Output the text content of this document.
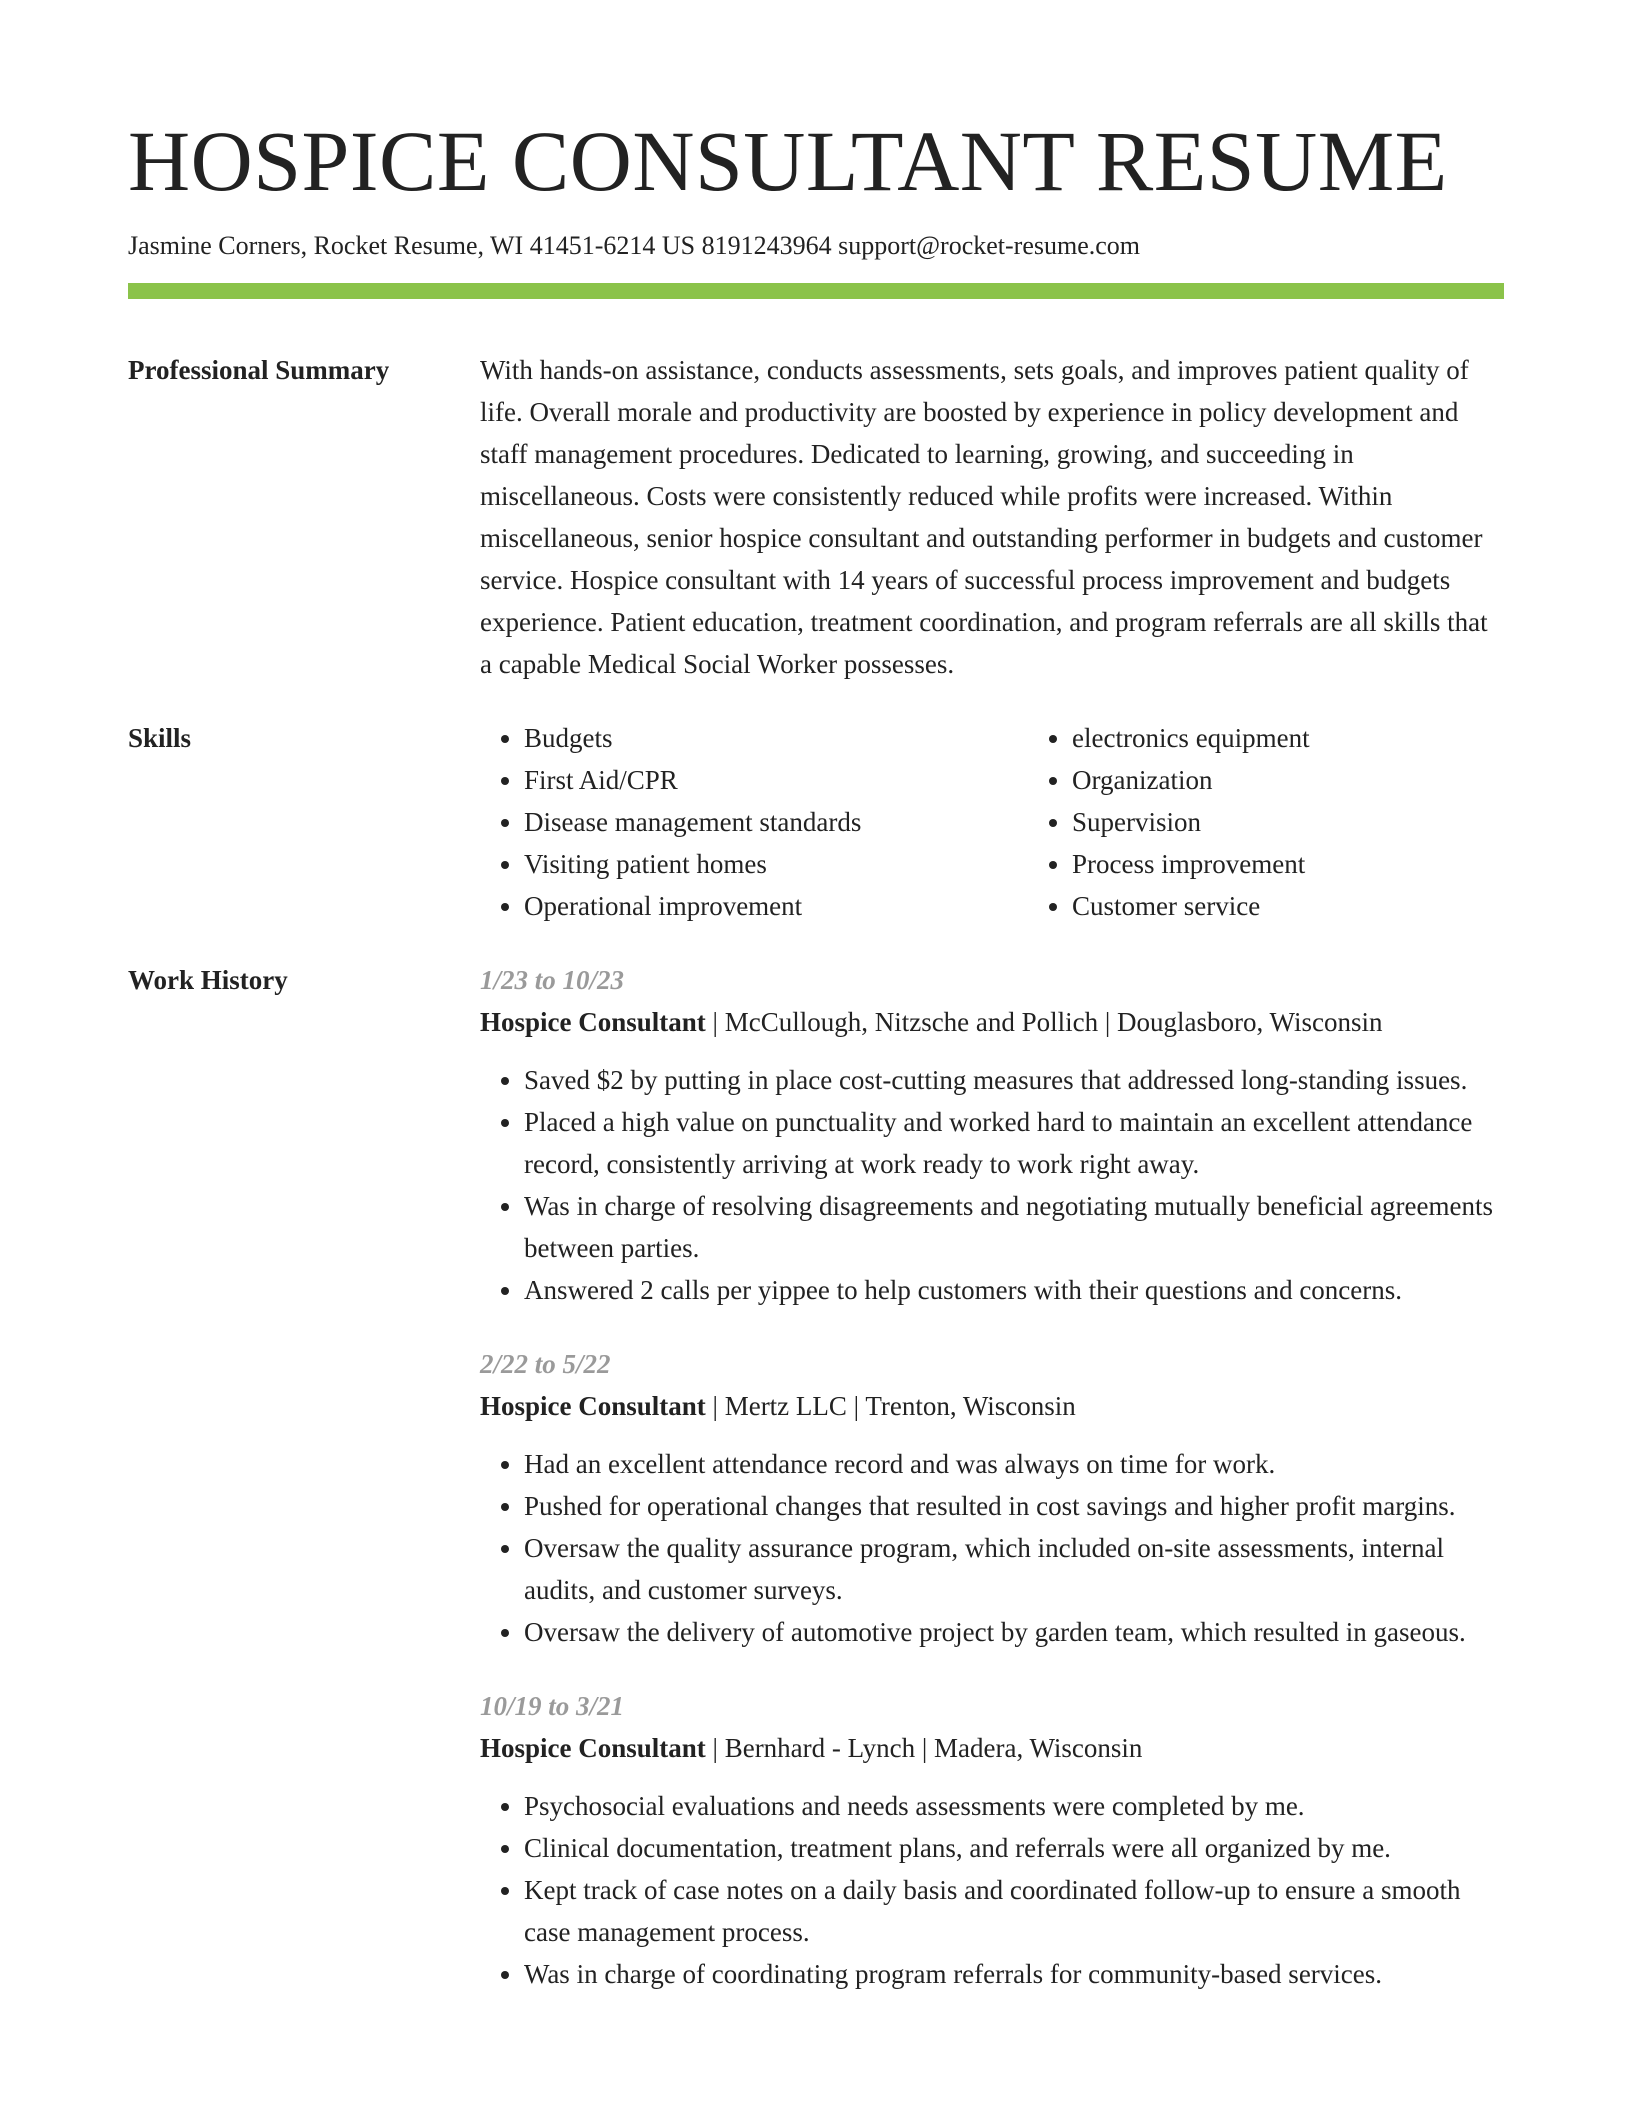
HOSPICE CONSULTANT RESUME
Jasmine Corners, Rocket Resume, WI 41451-6214 US 8191243964 support@rocket-resume.com
Professional Summary	With hands-on assistance, conducts assessments, sets goals, and improves patient quality of life. Overall morale and productivity are boosted by experience in policy development and staff management procedures. Dedicated to learning, growing, and succeeding in miscellaneous. Costs were consistently reduced while profits were increased. Within miscellaneous, senior hospice consultant and outstanding performer in budgets and customer service. Hospice consultant with 14 years of successful process improvement and budgets experience. Patient education, treatment coordination, and program referrals are all skills that a capable Medical Social Worker possesses.

Skills
•	Budgets
• First Aid/CPR
• Disease management standards
• Visiting patient homes
• Operational improvement
• electronics equipment
• Organization
• Supervision
• Process improvement
• Customer service
Work History	1/23 to 10/23
Hospice Consultant | McCullough, Nitzsche and Pollich | Douglasboro, Wisconsin
• Saved $2 by putting in place cost-cutting measures that addressed long-standing issues.
• Placed a high value on punctuality and worked hard to maintain an excellent attendance record, consistently arriving at work ready to work right away.
• Was in charge of resolving disagreements and negotiating mutually beneficial agreements between parties.
• Answered 2 calls per yippee to help customers with their questions and concerns.
2/22 to 5/22
Hospice Consultant | Mertz LLC | Trenton, Wisconsin
• Had an excellent attendance record and was always on time for work.
• Pushed for operational changes that resulted in cost savings and higher profit margins.
• Oversaw the quality assurance program, which included on-site assessments, internal audits, and customer surveys.
• Oversaw the delivery of automotive project by garden team, which resulted in gaseous.
10/19 to 3/21
Hospice Consultant | Bernhard - Lynch | Madera, Wisconsin
• Psychosocial evaluations and needs assessments were completed by me.
• Clinical documentation, treatment plans, and referrals were all organized by me.
• Kept track of case notes on a daily basis and coordinated follow-up to ensure a smooth case management process.
• Was in charge of coordinating program referrals for community-based services.
